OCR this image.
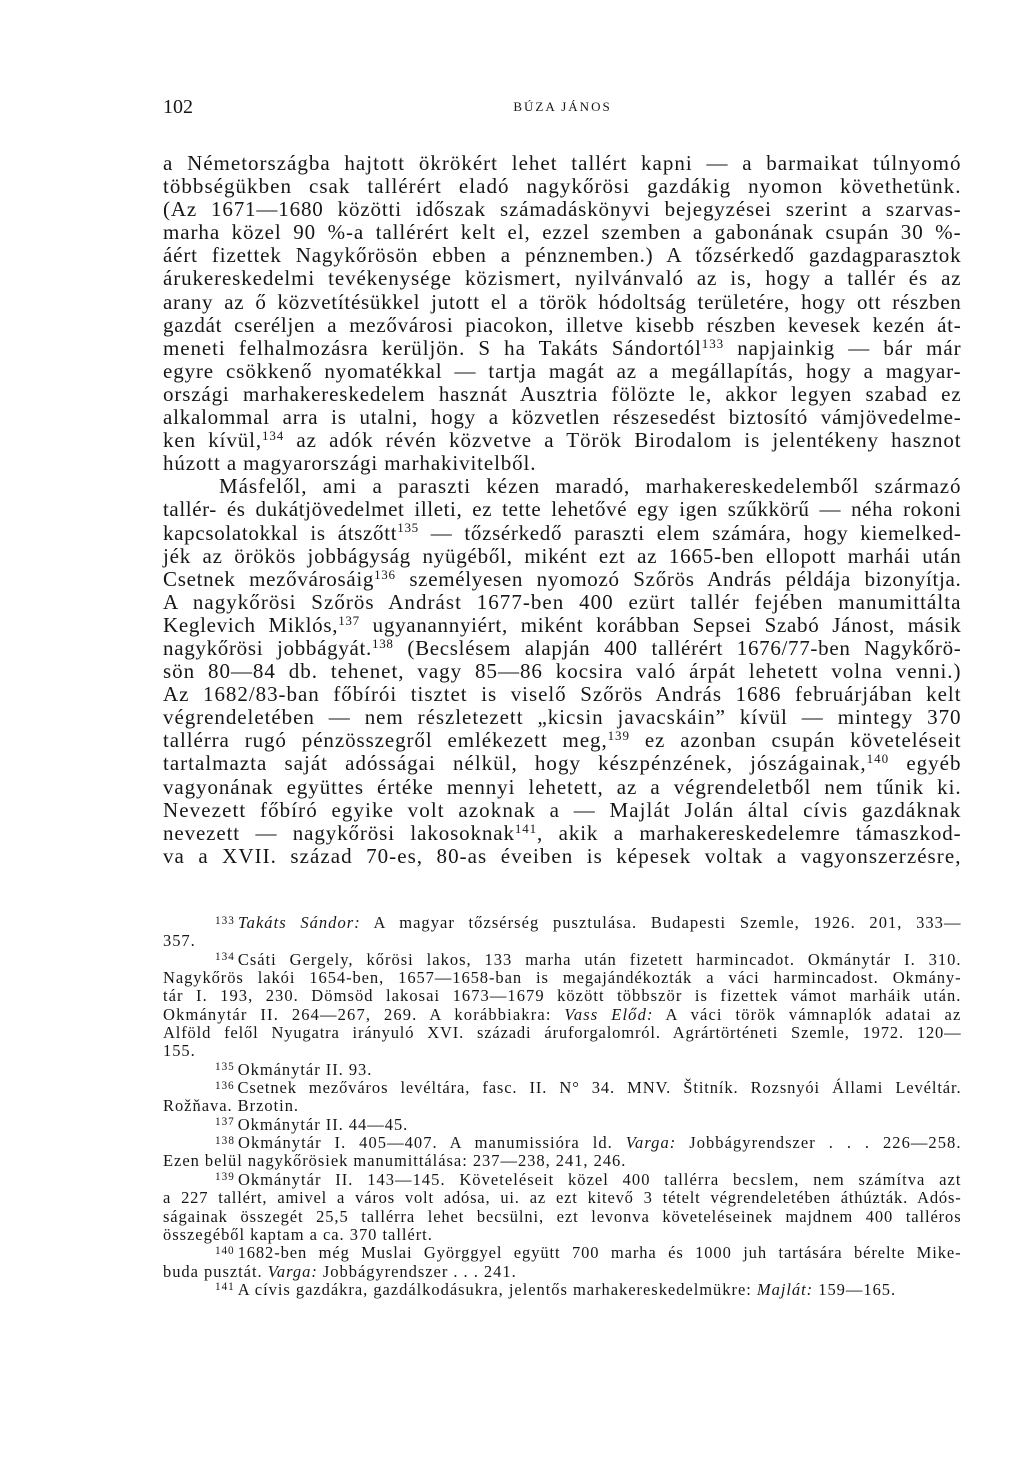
102	BÚZA JÁNOS
a Németországba hajtott ökrökért lehet tallért kapni — a barmaikat túlnyomó
többségükben csak tallérért eladó nagykőrösi gazdákig nyomon követhetünk.
(Az 1671—1680 közötti időszak számadáskönyvi bejegyzései szerint a szarvas-
marha közel 90 %-a tallérért kelt el, ezzel szemben a gabonának csupán 30 %-
áért fizettek Nagykőrösön ebben a pénznemben.) A tőzsérkedő gazdagparasztok
árukereskedelmi tevékenysége közismert, nyilvánvaló az is, hogy a tallér és az
arany az ő közvetítésükkel jutott el a török hódoltság területére, hogy ott részben
gazdát cseréljen a mezővárosi piacokon, illetve kisebb részben kevesek kezén át-
meneti felhalmozásra kerüljön. S ha Takáts Sándortól$^{133}$ napjainkig — bár már
egyre csökkenő nyomatékkal — tartja magát az a megállapítás, hogy a magyar-
országi marhakereskedelem hasznát Ausztria fölözte le, akkor legyen szabad ez
alkalommal arra is utalni, hogy a közvetlen részesedést biztosító vámjövedelme-
ken kívül,$^{134}$ az adók révén közvetve a Török Birodalom is jelentékeny hasznot
húzott a magyarországi marhakivitelből.
Másfelől, ami a paraszti kézen maradó, marhakereskedelemből származó
tallér- és dukátjövedelmet illeti, ez tette lehetővé egy igen szűkkörű — néha rokoni
kapcsolatokkal is átszőtt$^{135}$ — tőzsérkedő paraszti elem számára, hogy kiemelked-
jék az örökös jobbágyság nyügéből, miként ezt az 1665-ben ellopott marhái után
Csetnek mezővárosáig$^{136}$ személyesen nyomozó Szőrös András példája bizonyítja.
A nagykőrösi Szőrös Andrást 1677-ben 400 ezürt tallér fejében manumittálta
Keglevich Miklós,$^{137}$ ugyanannyiért, miként korábban Sepsei Szabó Jánost, másik
nagykőrösi jobbágyát.$^{138}$ (Becslésem alapján 400 tallérért 1676/77-ben Nagykőrö-
sön 80—84 db. tehenet, vagy 85—86 kocsira való árpát lehetett volna venni.)
Az 1682/83-ban főbírói tisztet is viselő Szőrös András 1686 februárjában kelt
végrendeletében — nem részletezett „kicsin javacskáin” kívül — mintegy 370
tallérra rugó pénzösszegről emlékezett meg,$^{139}$ ez azonban csupán követeléseit
tartalmazta saját adósságai nélkül, hogy készpénzének, jószágainak,$^{140}$ egyéb
vagyonának együttes értéke mennyi lehetett, az a végrendeletből nem tűnik ki.
Nevezett főbíró egyike volt azoknak a — Majlát Jolán által cívis gazdáknak
nevezett — nagykőrösi lakosoknak$^{141}$, akik a marhakereskedelemre támaszkod-
va a XVII. század 70-es, 80-as éveiben is képesek voltak a vagyonszerzésre,
$^{133}$ Takáts Sándor: A magyar tőzsérség pusztulása. Budapesti Szemle, 1926. 201, 333—
357.
$^{134}$ Csáti Gergely, kőrösi lakos, 133 marha után fizetett harmincadot. Okmánytár I. 310.
Nagykőrös lakói 1654-ben, 1657—1658-ban is megajándékozták a váci harmincadost. Okmány-
tár I. 193, 230. Dömsöd lakosai 1673—1679 között többször is fizettek vámot marháik után.
Okmánytár II. 264—267, 269. A korábbiakra: Vass Előd: A váci török vámnaplók adatai az
Alföld felől Nyugatra irányuló XVI. századi áruforgalomról. Agrártörténeti Szemle, 1972. 120—
155.
$^{135}$ Okmánytár II. 93.
$^{136}$ Csetnek mezőváros levéltára, fasc. II. N° 34. MNV. Štitník. Rozsnyói Állami Levéltár.
Rožňava. Brzotin.
$^{137}$ Okmánytár II. 44—45.
$^{138}$ Okmánytár I. 405—407. A manumissióra ld. Varga: Jobbágyrendszer . . . 226—258.
Ezen belül nagykőrösiek manumittálása: 237—238, 241, 246.
$^{139}$ Okmánytár II. 143—145. Követeléseit közel 400 tallérra becslem, nem számítva azt
a 227 tallért, amivel a város volt adósa, ui. az ezt kitevő 3 tételt végrendeletében áthúzták. Adós-
ságainak összegét 25,5 tallérra lehet becsülni, ezt levonva követeléseinek majdnem 400 talléros
összegéből kaptam a ca. 370 tallért.
$^{140}$ 1682-ben még Muslai Györggyel együtt 700 marha és 1000 juh tartására bérelte Mike-
buda pusztát. Varga: Jobbágyrendszer . . . 241.
$^{141}$ A cívis gazdákra, gazdálkodásukra, jelentős marhakereskedelmükre: Majlát: 159—165.
